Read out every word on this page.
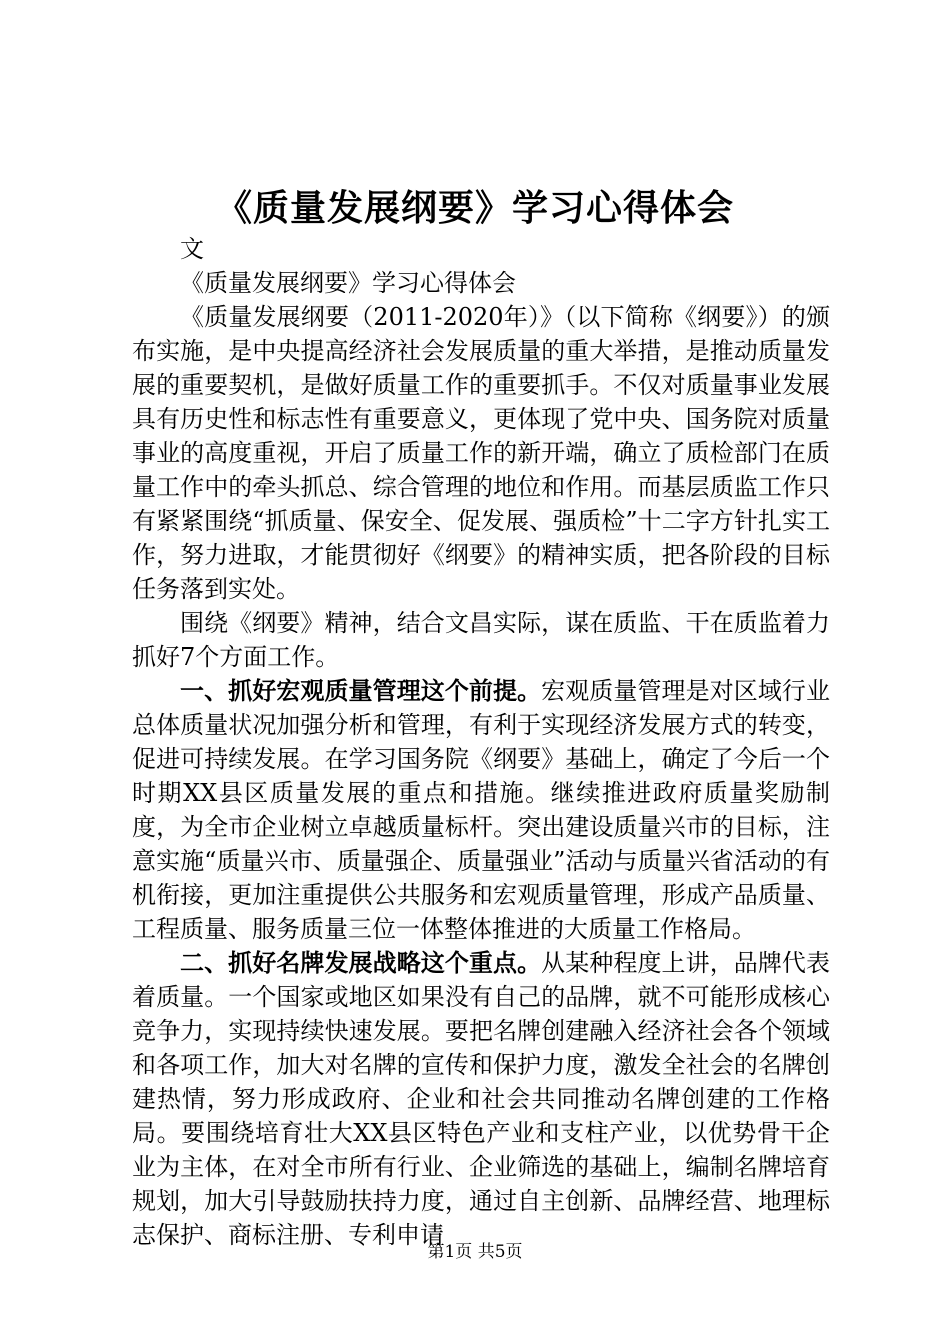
《质量发展纲要》学习心得体会

文

《质量发展纲要》学习心得体会

《质量发展纲要（2011-2020年）》（以下简称《纲要》）的颁布实施，是中央提高经济社会发展质量的重大举措，是推动质量发展的重要契机，是做好质量工作的重要抓手。不仅对质量事业发展具有历史性和标志性有重要意义，更体现了党中央、国务院对质量事业的高度重视，开启了质量工作的新开端，确立了质检部门在质量工作中的牵头抓总、综合管理的地位和作用。而基层质监工作只有紧紧围绕“抓质量、保安全、促发展、强质检”十二字方针扎实工作，努力进取，才能贯彻好《纲要》的精神实质，把各阶段的目标任务落到实处。

围绕《纲要》精神，结合文昌实际，谋在质监、干在质监着力抓好7个方面工作。

一、抓好宏观质量管理这个前提。宏观质量管理是对区域行业总体质量状况加强分析和管理，有利于实现经济发展方式的转变，促进可持续发展。在学习国务院《纲要》基础上，确定了今后一个时期XX县区质量发展的重点和措施。继续推进政府质量奖励制度，为全市企业树立卓越质量标杆。突出建设质量兴市的目标，注意实施“质量兴市、质量强企、质量强业”活动与质量兴省活动的有机衔接，更加注重提供公共服务和宏观质量管理，形成产品质量、工程质量、服务质量三位一体整体推进的大质量工作格局。

二、抓好名牌发展战略这个重点。从某种程度上讲，品牌代表着质量。一个国家或地区如果没有自己的品牌，就不可能形成核心竞争力，实现持续快速发展。要把名牌创建融入经济社会各个领域和各项工作，加大对名牌的宣传和保护力度，激发全社会的名牌创建热情，努力形成政府、企业和社会共同推动名牌创建的工作格局。要围绕培育壮大XX县区特色产业和支柱产业，以优势骨干企业为主体，在对全市所有行业、企业筛选的基础上，编制名牌培育规划，加大引导鼓励扶持力度，通过自主创新、品牌经营、地理标志保护、商标注册、专利申请

第1页 共5页
